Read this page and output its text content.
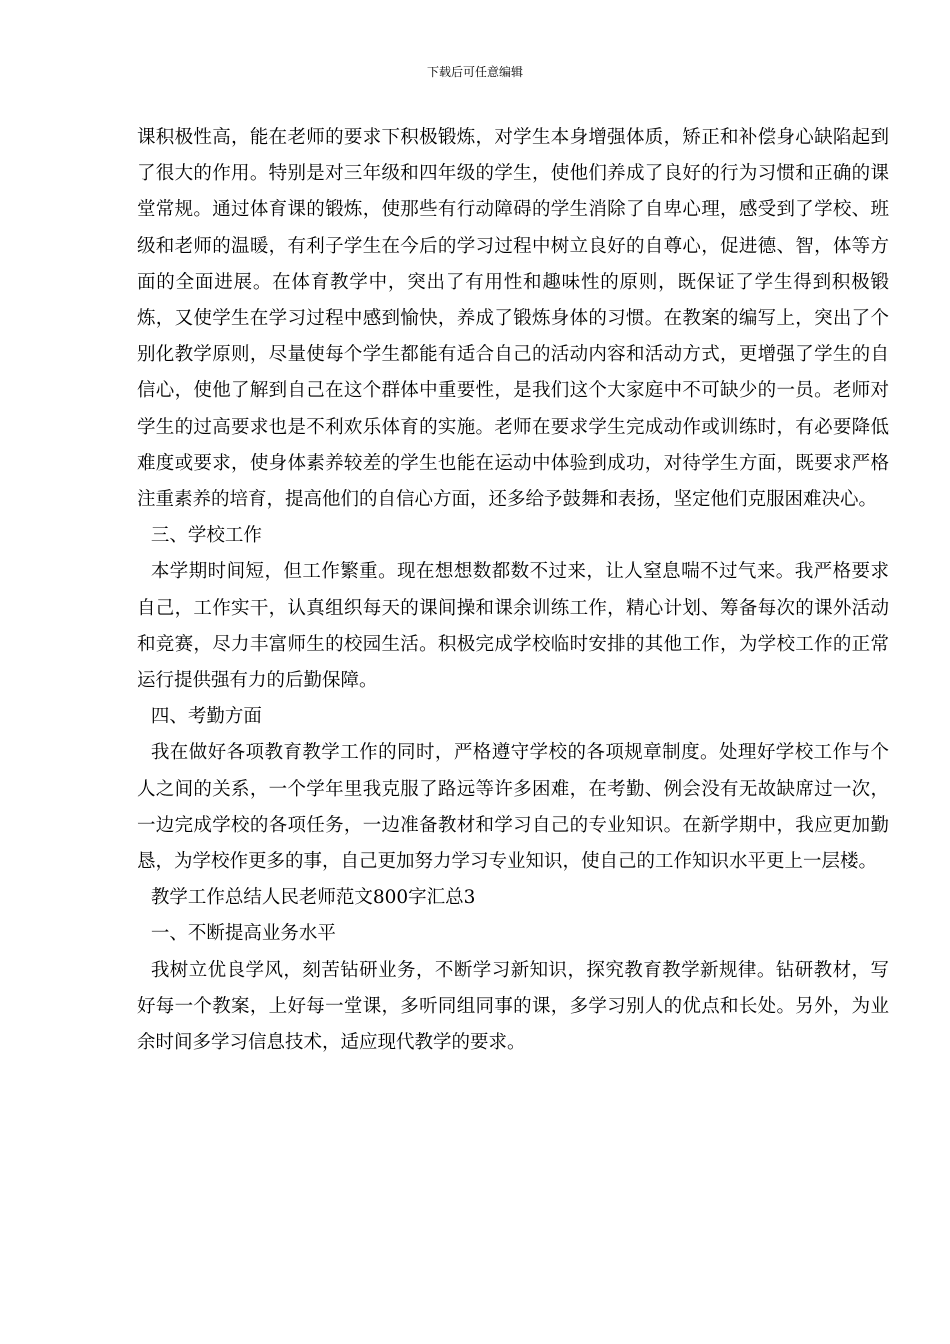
下载后可任意编辑

课积极性高，能在老师的要求下积极锻炼，对学生本身增强体质，矫正和补偿身心缺陷起到了很大的作用。特别是对三年级和四年级的学生，使他们养成了良好的行为习惯和正确的课堂常规。通过体育课的锻炼，使那些有行动障碍的学生消除了自卑心理，感受到了学校、班级和老师的温暖，有利子学生在今后的学习过程中树立良好的自尊心，促进德、智，体等方面的全面进展。在体育教学中，突出了有用性和趣味性的原则，既保证了学生得到积极锻炼，又使学生在学习过程中感到愉快，养成了锻炼身体的习惯。在教案的编写上，突出了个别化教学原则，尽量使每个学生都能有适合自己的活动内容和活动方式，更增强了学生的自信心，使他了解到自己在这个群体中重要性，是我们这个大家庭中不可缺少的一员。老师对学生的过高要求也是不利欢乐体育的实施。老师在要求学生完成动作或训练时，有必要降低难度或要求，使身体素养较差的学生也能在运动中体验到成功，对待学生方面，既要求严格注重素养的培育，提高他们的自信心方面，还多给予鼓舞和表扬，坚定他们克服困难决心。

三、学校工作

本学期时间短，但工作繁重。现在想想数都数不过来，让人窒息喘不过气来。我严格要求自己，工作实干，认真组织每天的课间操和课余训练工作，精心计划、筹备每次的课外活动和竞赛，尽力丰富师生的校园生活。积极完成学校临时安排的其他工作，为学校工作的正常运行提供强有力的后勤保障。

四、考勤方面

我在做好各项教育教学工作的同时，严格遵守学校的各项规章制度。处理好学校工作与个人之间的关系，一个学年里我克服了路远等许多困难，在考勤、例会没有无故缺席过一次，一边完成学校的各项任务，一边准备教材和学习自己的专业知识。在新学期中，我应更加勤恳，为学校作更多的事，自己更加努力学习专业知识，使自己的工作知识水平更上一层楼。

教学工作总结人民老师范文800字汇总3

一、不断提高业务水平

我树立优良学风，刻苦钻研业务，不断学习新知识，探究教育教学新规律。钻研教材，写好每一个教案，上好每一堂课，多听同组同事的课，多学习别人的优点和长处。另外，为业余时间多学习信息技术，适应现代教学的要求。
